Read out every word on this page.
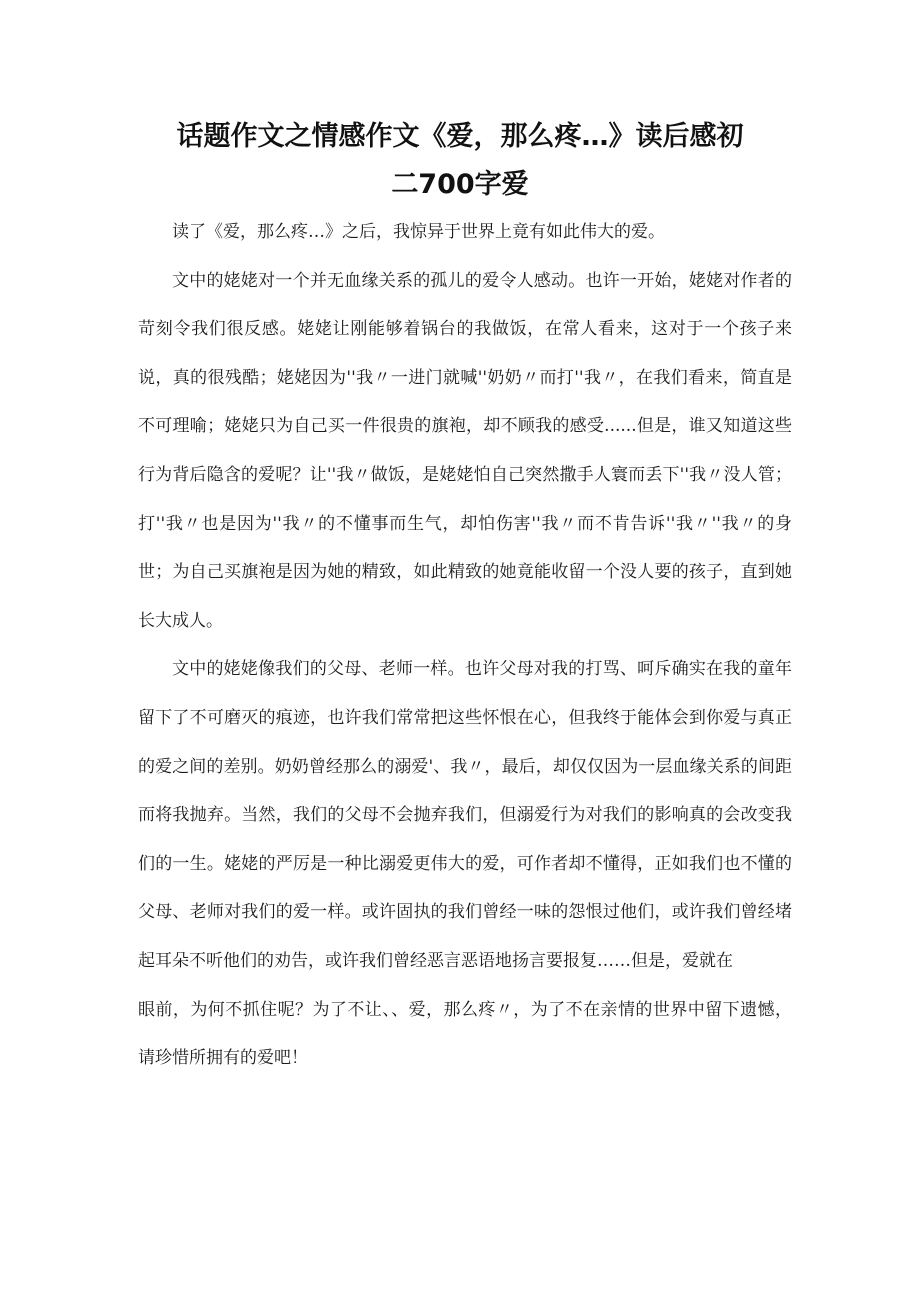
话题作文之情感作文《爱，那么疼…》读后感初
二700字爱

读了《爱，那么疼…》之后，我惊异于世界上竟有如此伟大的爱。

文中的姥姥对一个并无血缘关系的孤儿的爱令人感动。也许一开始，姥姥对作者的苛刻令我们很反感。姥姥让刚能够着锅台的我做饭，在常人看来，这对于一个孩子来说，真的很残酷；姥姥因为''我〃一进门就喊''奶奶〃而打''我〃，在我们看来，简直是不可理喻；姥姥只为自己买一件很贵的旗袍，却不顾我的感受......但是，谁又知道这些行为背后隐含的爱呢？让''我〃做饭，是姥姥怕自己突然撒手人寰而丢下''我〃没人管；打''我〃也是因为''我〃的不懂事而生气，却怕伤害''我〃而不肯告诉''我〃''我〃的身世；为自己买旗袍是因为她的精致，如此精致的她竟能收留一个没人要的孩子，直到她长大成人。

文中的姥姥像我们的父母、老师一样。也许父母对我的打骂、呵斥确实在我的童年留下了不可磨灭的痕迹，也许我们常常把这些怀恨在心，但我终于能体会到你爱与真正的爱之间的差别。奶奶曾经那么的溺爱'、我〃，最后，却仅仅因为一层血缘关系的间距而将我抛弃。当然，我们的父母不会抛弃我们，但溺爱行为对我们的影响真的会改变我们的一生。姥姥的严厉是一种比溺爱更伟大的爱，可作者却不懂得，正如我们也不懂的父母、老师对我们的爱一样。或许固执的我们曾经一味的怨恨过他们，或许我们曾经堵起耳朵不听他们的劝告，或许我们曾经恶言恶语地扬言要报复……但是，爱就在

眼前，为何不抓住呢？为了不让、、爱，那么疼〃，为了不在亲情的世界中留下遗憾，请珍惜所拥有的爱吧！
